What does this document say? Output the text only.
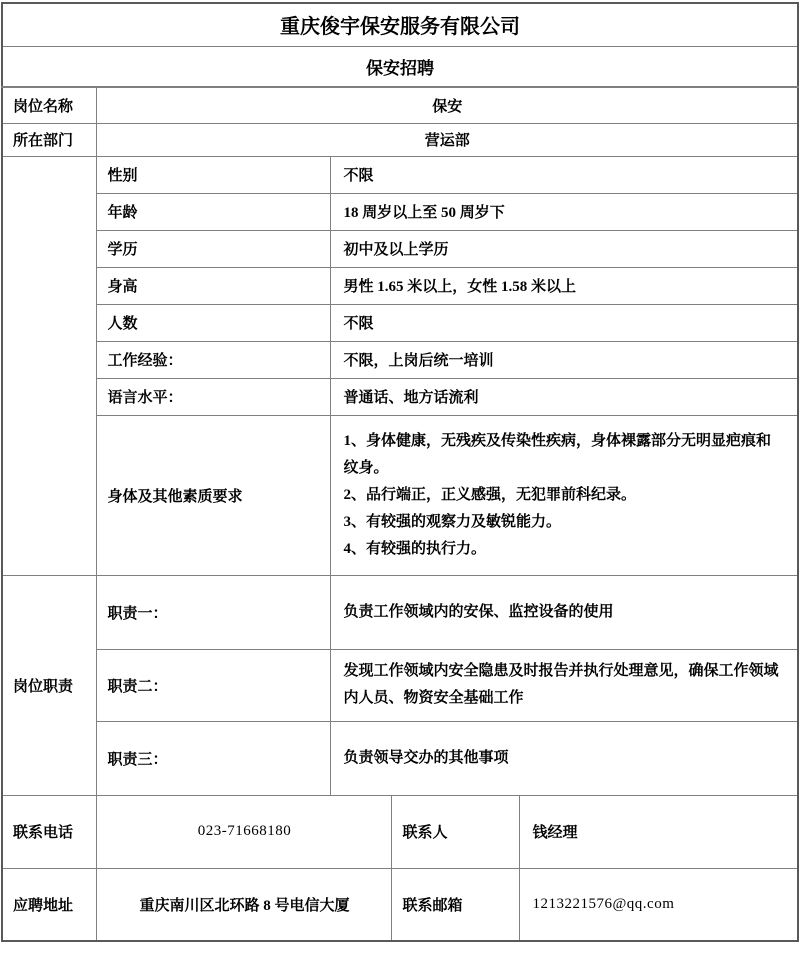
重庆俊宇保安服务有限公司				
保安招聘				
岗位名称	保安			
所在部门	营运部			
	性别	不限		
	年龄	18 周岁以上至 50 周岁下		
	学历	初中及以上学历		
	身高	男性 1.65 米以上，女性 1.58 米以上		
	人数	不限		
	工作经验：	不限，上岗后统一培训		
	语言水平：	普通话、地方话流利		
	身体及其他素质要求	1、身体健康，无残疾及传染性疾病，身体裸露部分无明显疤痕和纹身。
2、品行端正，正义感强，无犯罪前科纪录。
3、有较强的观察力及敏锐能力。
4、有较强的执行力。		

岗位职责	职责一：	负责工作领域内的安保、监控设备的使用		
	职责二：	发现工作领域内安全隐患及时报告并执行处理意见，确保工作领域内人员、物资安全基础工作		
	职责三：	负责领导交办的其他事项		
联系电话	023-71668180		联系人	钱经理
应聘地址	重庆南川区北环路 8 号电信大厦		联系邮箱	1213221576@qq.com
